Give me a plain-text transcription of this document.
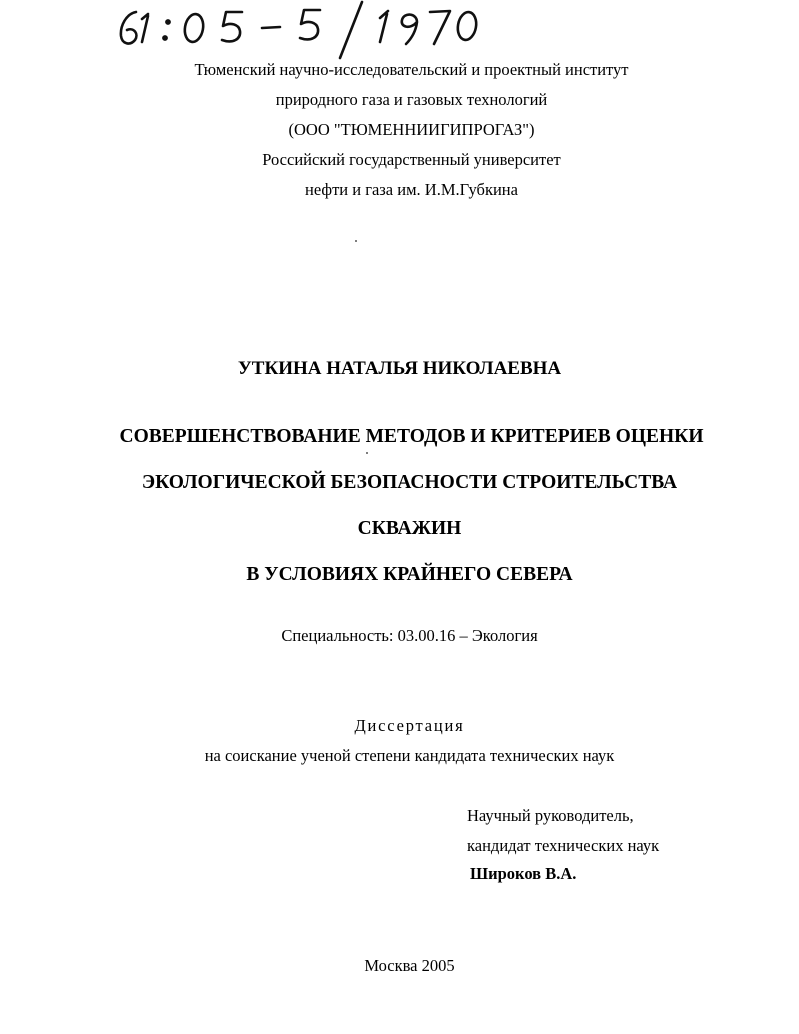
Тюменский научно-исследовательский и проектный институт
природного газа и газовых технологий
(ООО "ТЮМЕННИИГИПРОГАЗ")
Российский государственный университет
нефти и газа им. И.М.Губкина
УТКИНА НАТАЛЬЯ НИКОЛАЕВНА
СОВЕРШЕНСТВОВАНИЕ МЕТОДОВ И КРИТЕРИЕВ ОЦЕНКИ
ЭКОЛОГИЧЕСКОЙ БЕЗОПАСНОСТИ СТРОИТЕЛЬСТВА
СКВАЖИН
В УСЛОВИЯХ КРАЙНЕГО СЕВЕРА
Специальность: 03.00.16 – Экология
Диссертация
на соискание ученой степени кандидата технических наук
Научный руководитель,
кандидат технических наук
Широков В.А.
Москва 2005
